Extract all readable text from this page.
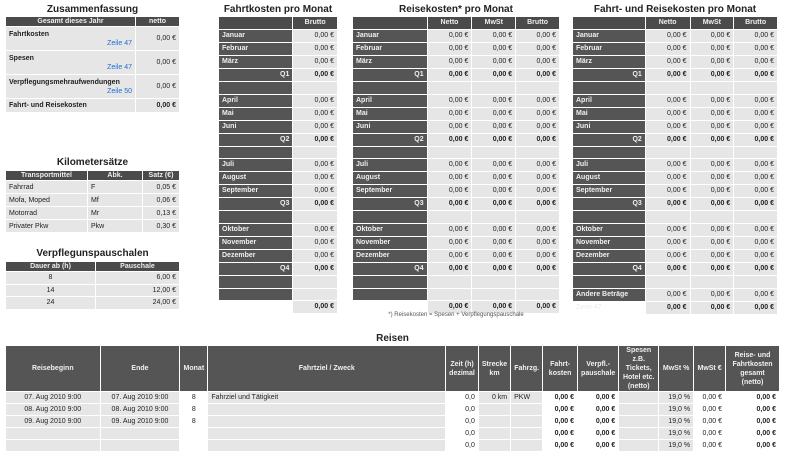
Zusammenfassung
Gesamt dieses Jahr	netto

Fahrtkosten
Zeile 47	0,00 €

Spesen
Zeile 47	0,00 €

Verpflegungsmehraufwendungen
Zeile 50	0,00 €
Fahrt- und Reisekosten	0,00 €
Kilometersätze
Transportmittel	Abk.	Satz (€)
Fahrrad	F	0,05 €
Mofa, Moped	Mf	0,06 €
Motorrad	Mr	0,13 €
Privater Pkw	Pkw	0,30 €
Verpflegunspauschalen
Dauer ab (h)	Pauschale
8	6,00 €
14	12,00 €
24	24,00 €
Fahrtkosten pro Monat
	Brutto
Januar	0,00 €
Februar	0,00 €
März	0,00 €
Q1	0,00 €

April	0,00 €
Mai	0,00 €
Juni	0,00 €
Q2	0,00 €

Juli	0,00 €
August	0,00 €
September	0,00 €
Q3	0,00 €

Oktober	0,00 €
November	0,00 €
Dezember	0,00 €
Q4	0,00 €

	0,00 €
Reisekosten* pro Monat
	Netto	MwSt	Brutto
Januar	0,00 €	0,00 €	0,00 €
Februar	0,00 €	0,00 €	0,00 €
März	0,00 €	0,00 €	0,00 €
Q1	0,00 €	0,00 €	0,00 €

April	0,00 €	0,00 €	0,00 €
Mai	0,00 €	0,00 €	0,00 €
Juni	0,00 €	0,00 €	0,00 €
Q2	0,00 €	0,00 €	0,00 €

Juli	0,00 €	0,00 €	0,00 €
August	0,00 €	0,00 €	0,00 €
September	0,00 €	0,00 €	0,00 €
Q3	0,00 €	0,00 €	0,00 €

Oktober	0,00 €	0,00 €	0,00 €
November	0,00 €	0,00 €	0,00 €
Dezember	0,00 €	0,00 €	0,00 €
Q4	0,00 €	0,00 €	0,00 €

	0,00 €	0,00 €	0,00 €
*) Reisekosten = Spesen + Verpflegungspauschale
Fahrt- und Reisekosten pro Monat
	Netto	MwSt	Brutto
Januar	0,00 €	0,00 €	0,00 €
Februar	0,00 €	0,00 €	0,00 €
März	0,00 €	0,00 €	0,00 €
Q1	0,00 €	0,00 €	0,00 €

April	0,00 €	0,00 €	0,00 €
Mai	0,00 €	0,00 €	0,00 €
Juni	0,00 €	0,00 €	0,00 €
Q2	0,00 €	0,00 €	0,00 €

Juli	0,00 €	0,00 €	0,00 €
August	0,00 €	0,00 €	0,00 €
September	0,00 €	0,00 €	0,00 €
Q3	0,00 €	0,00 €	0,00 €

Oktober	0,00 €	0,00 €	0,00 €
November	0,00 €	0,00 €	0,00 €
Dezember	0,00 €	0,00 €	0,00 €
Q4	0,00 €	0,00 €	0,00 €

Andere Beträge	0,00 €	0,00 €	0,00 €
Zeile 47	0,00 €	0,00 €	0,00 €
Reisen
Reisebeginn	Ende	Monat	Fahrtziel / Zweck	Zeit (h) dezimal	Strecke km	Fahrzg.	Fahrt-kosten	Verpfl.-pauschale	Spesen z.B. Tickets, Hotel etc. (netto)	MwSt %	MwSt €	Reise- und Fahrtkosten gesamt (netto)
07. Aug 2010 9:00	07. Aug 2010 9:00	8	Fahrziel und Tätigkeit	0,0	0 km	PKW	0,00 €	0,00 €		19,0 %	0,00 €	0,00 €
08. Aug 2010 9:00	08. Aug 2010 9:00	8		0,0			0,00 €	0,00 €		19,0 %	0,00 €	0,00 €
09. Aug 2010 9:00	09. Aug 2010 9:00	8		0,0			0,00 €	0,00 €		19,0 %	0,00 €	0,00 €
				0,0			0,00 €	0,00 €		19,0 %	0,00 €	0,00 €
				0,0			0,00 €	0,00 €		19,0 %	0,00 €	0,00 €
